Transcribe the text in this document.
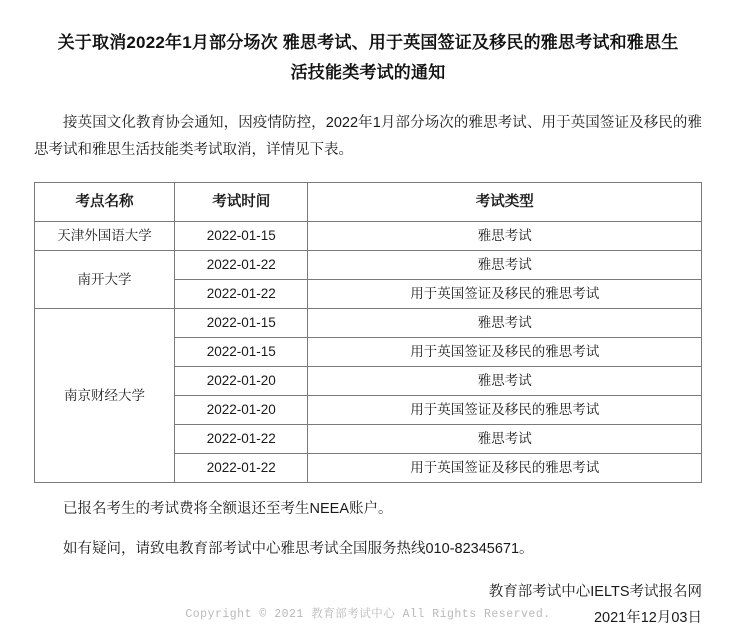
关于取消2022年1月部分场次 雅思考试、用于英国签证及移民的雅思考试和雅思生活技能类考试的通知

接英国文化教育协会通知，因疫情防控，2022年1月部分场次的雅思考试、用于英国签证及移民的雅思考试和雅思生活技能类考试取消，详情见下表。

考点名称	考试时间	考试类型
天津外国语大学	2022-01-15	雅思考试
南开大学	2022-01-22	雅思考试
	2022-01-22	用于英国签证及移民的雅思考试
南京财经大学	2022-01-15	雅思考试
	2022-01-15	用于英国签证及移民的雅思考试
	2022-01-20	雅思考试
	2022-01-20	用于英国签证及移民的雅思考试
	2022-01-22	雅思考试
	2022-01-22	用于英国签证及移民的雅思考试

已报名考生的考试费将全额退还至考生NEEA账户。

如有疑问，请致电教育部考试中心雅思考试全国服务热线010-82345671。

教育部考试中心IELTS考试报名网
2021年12月03日
Copyright © 2021 教育部考试中心 All Rights Reserved.
